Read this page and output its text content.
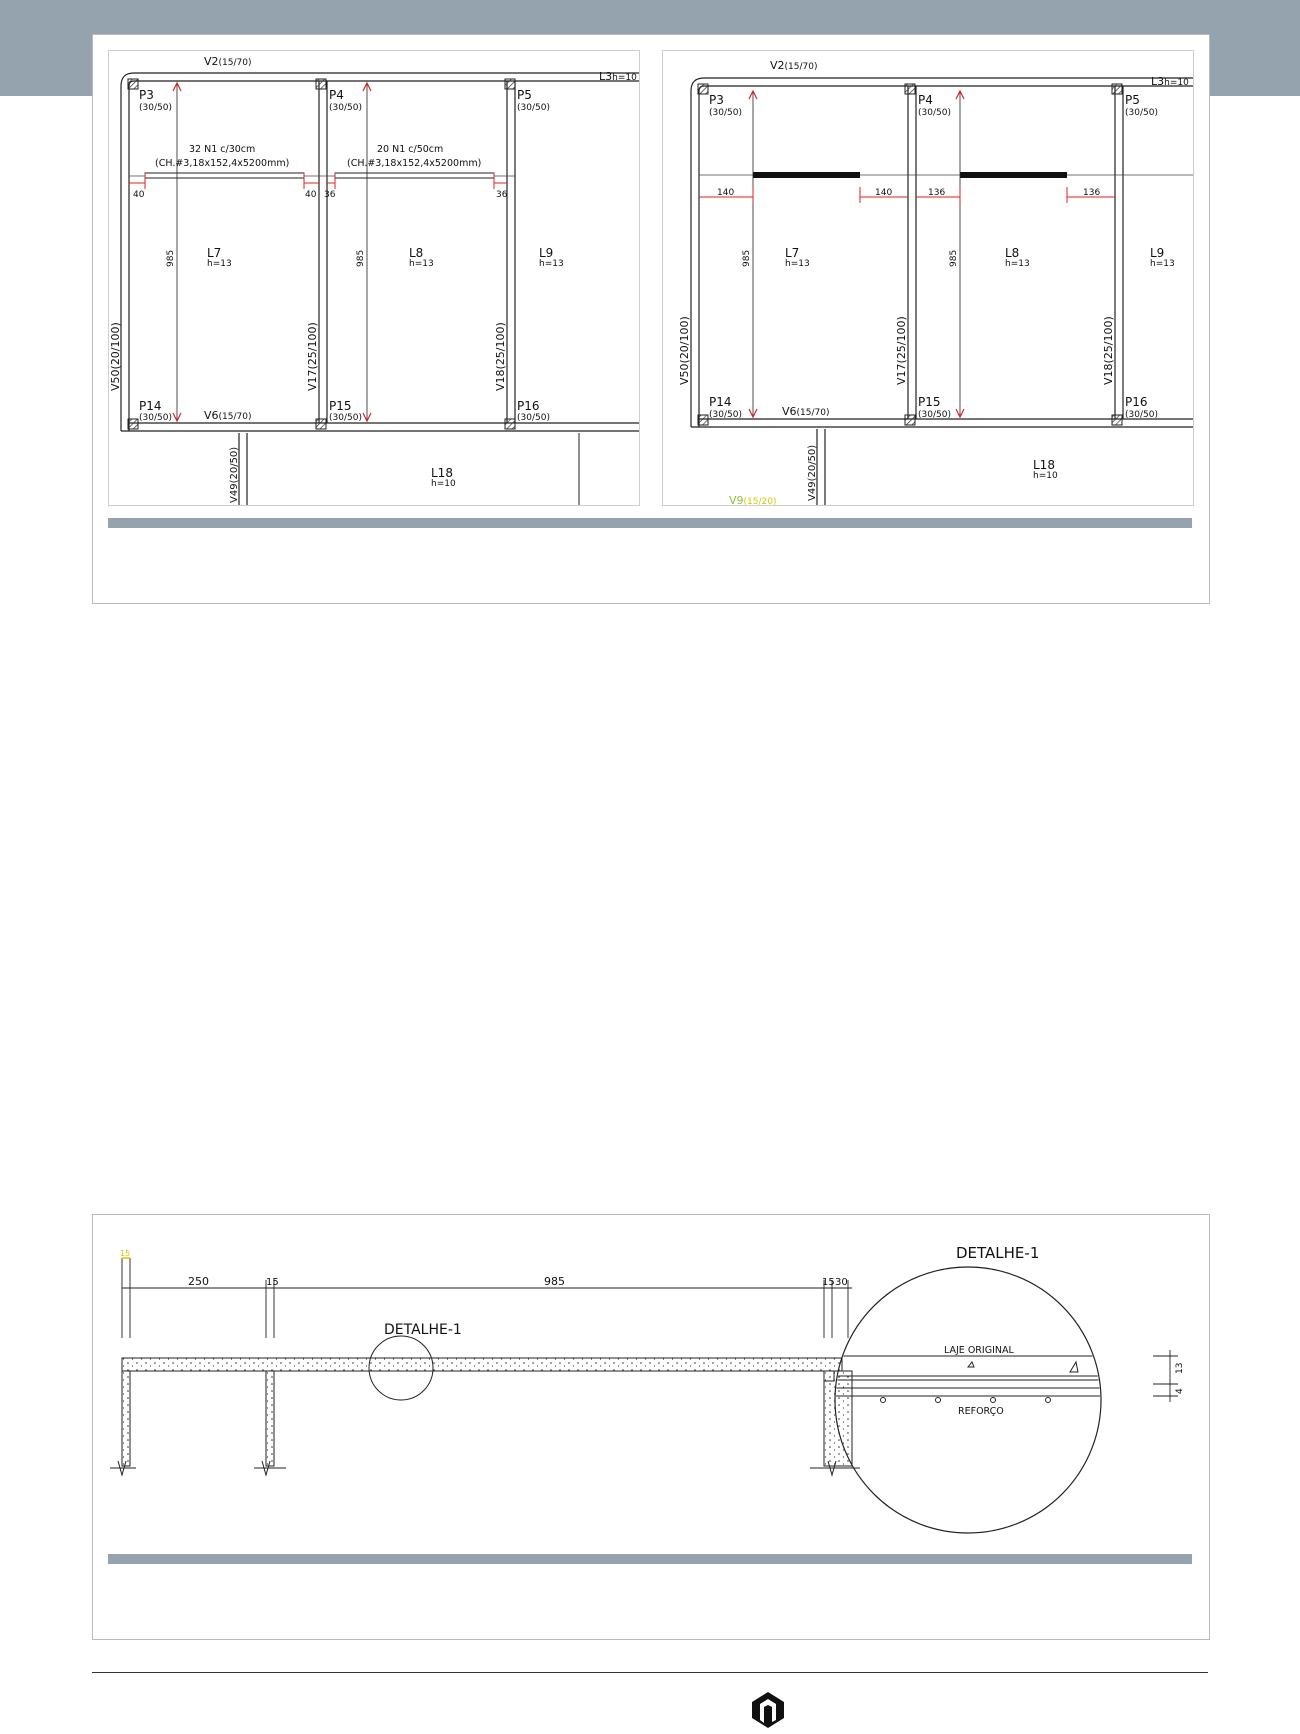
V2(15/70)
L3h=10
P3
(30/50)
P4
(30/50)
P5
(30/50)
P14
(30/50)
P15
(30/50)
P16
(30/50)
32 N1 c/30cm
(CH.#3,18x152,4x5200mm)
20 N1 c/50cm
(CH.#3,18x152,4x5200mm)
40	40 36	36
985	985
L7
h=13
L8
h=13
L9
h=13
L18
h=10
V50(20/100)	V17(25/100)	V18(25/100)
V6(15/70)
V49(20/50)
V2(15/70)
L3h=10
P3
(30/50)
P4
(30/50)
P5
(30/50)
P14
(30/50)
P15
(30/50)
P16
(30/50)
140	140	136	136
985	985
L7
h=13
L8
h=13
L9
h=13
L18
h=10
V50(20/100)	V17(25/100)	V18(25/100)
V6(15/70)
V49(20/50)
V9(15/20)
15
250	15	985	15 30
DETALHE-1
DETALHE-1
LAJE ORIGINAL
REFORÇO
13
4
